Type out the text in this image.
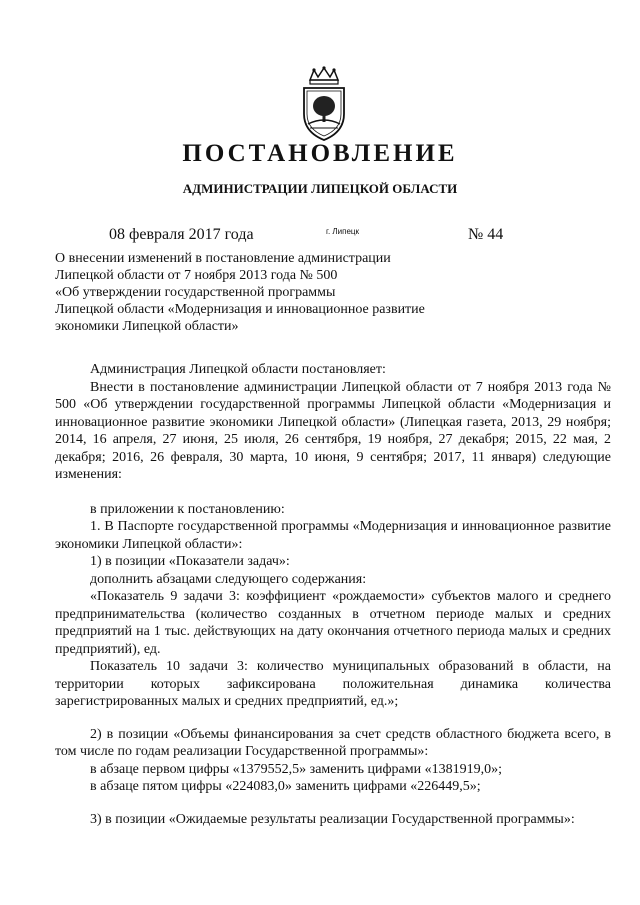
ПОСТАНОВЛЕНИЕ
АДМИНИСТРАЦИИ ЛИПЕЦКОЙ ОБЛАСТИ
08 февраля 2017 года	г. Липецк	№ 44
О внесении изменений в постановление администрации
Липецкой области от 7 ноября 2013 года № 500
«Об утверждении государственной программы
Липецкой области «Модернизация и инновационное развитие
экономики Липецкой области»

Администрация Липецкой области постановляет:

Внести в постановление администрации Липецкой области от 7 ноября 2013 года № 500 «Об утверждении государственной программы Липецкой области «Модернизация и инновационное развитие экономики Липецкой области» (Липецкая газета, 2013, 29 ноября; 2014, 16 апреля, 27 июня, 25 июля, 26 сентября, 19 ноября, 27 декабря; 2015, 22 мая, 2 декабря; 2016, 26 февраля, 30 марта, 10 июня, 9 сентября; 2017, 11 января) следующие изменения:

в приложении к постановлению:

1. В Паспорте государственной программы «Модернизация и инновационное развитие экономики Липецкой области»:

1) в позиции «Показатели задач»:

дополнить абзацами следующего содержания:

«Показатель 9 задачи 3: коэффициент «рождаемости» субъектов малого и среднего предпринимательства (количество созданных в отчетном периоде малых и средних предприятий на 1 тыс. действующих на дату окончания отчетного периода малых и средних предприятий), ед.

Показатель 10 задачи 3: количество муниципальных образований в области, на территории которых зафиксирована положительная динамика количества зарегистрированных малых и средних предприятий, ед.»;

2) в позиции «Объемы финансирования за счет средств областного бюджета всего, в том числе по годам реализации Государственной программы»:

в абзаце первом цифры «1379552,5» заменить цифрами «1381919,0»;

в абзаце пятом цифры «224083,0» заменить цифрами «226449,5»;

3) в позиции «Ожидаемые результаты реализации Государственной программы»:
